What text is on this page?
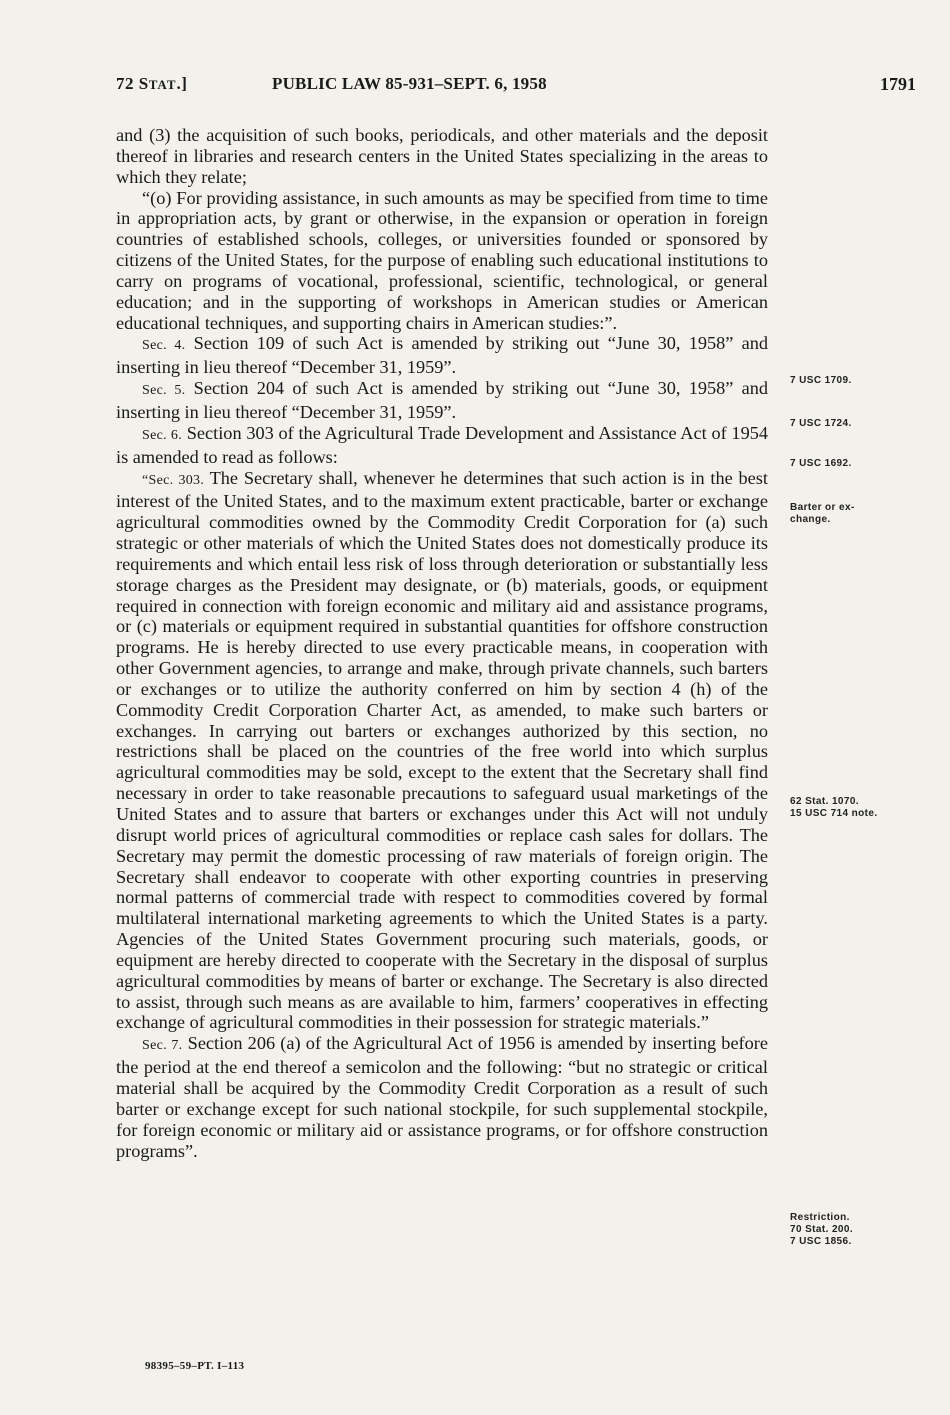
72 STAT.]	PUBLIC LAW 85-931–SEPT. 6, 1958	1791

and (3) the acquisition of such books, periodicals, and other materials and the deposit thereof in libraries and research centers in the United States specializing in the areas to which they relate;

“(o) For providing assistance, in such amounts as may be specified from time to time in appropriation acts, by grant or otherwise, in the expansion or operation in foreign countries of established schools, colleges, or universities founded or sponsored by citizens of the United States, for the purpose of enabling such educational institutions to carry on programs of vocational, professional, scientific, technological, or general education; and in the supporting of workshops in American studies or American educational techniques, and supporting chairs in American studies:”.

Sec. 4. Section 109 of such Act is amended by striking out “June 30, 1958” and inserting in lieu thereof “December 31, 1959”.

Sec. 5. Section 204 of such Act is amended by striking out “June 30, 1958” and inserting in lieu thereof “December 31, 1959”.

Sec. 6. Section 303 of the Agricultural Trade Development and Assistance Act of 1954 is amended to read as follows:

“Sec. 303. The Secretary shall, whenever he determines that such action is in the best interest of the United States, and to the maximum extent practicable, barter or exchange agricultural commodities owned by the Commodity Credit Corporation for (a) such strategic or other materials of which the United States does not domestically produce its requirements and which entail less risk of loss through deterioration or substantially less storage charges as the President may designate, or (b) materials, goods, or equipment required in connection with foreign economic and military aid and assistance programs, or (c) materials or equipment required in substantial quantities for offshore construction programs. He is hereby directed to use every practicable means, in cooperation with other Government agencies, to arrange and make, through private channels, such barters or exchanges or to utilize the authority conferred on him by section 4 (h) of the Commodity Credit Corporation Charter Act, as amended, to make such barters or exchanges. In carrying out barters or exchanges authorized by this section, no restrictions shall be placed on the countries of the free world into which surplus agricultural commodities may be sold, except to the extent that the Secretary shall find necessary in order to take reasonable precautions to safeguard usual marketings of the United States and to assure that barters or exchanges under this Act will not unduly disrupt world prices of agricultural commodities or replace cash sales for dollars. The Secretary may permit the domestic processing of raw materials of foreign origin. The Secretary shall endeavor to cooperate with other exporting countries in preserving normal patterns of commercial trade with respect to commodities covered by formal multilateral international marketing agreements to which the United States is a party. Agencies of the United States Government procuring such materials, goods, or equipment are hereby directed to cooperate with the Secretary in the disposal of surplus agricultural commodities by means of barter or exchange. The Secretary is also directed to assist, through such means as are available to him, farmers’ cooperatives in effecting exchange of agricultural commodities in their possession for strategic materials.”

Sec. 7. Section 206 (a) of the Agricultural Act of 1956 is amended by inserting before the period at the end thereof a semicolon and the following: “but no strategic or critical material shall be acquired by the Commodity Credit Corporation as a result of such barter or exchange except for such national stockpile, for such supplemental stockpile, for foreign economic or military aid or assistance programs, or for offshore construction programs”.

7 USC 1709.
7 USC 1724.
7 USC 1692.
Barter or ex-
change.
62 Stat. 1070.
15 USC 714 note.
Restriction.
70 Stat. 200.
7 USC 1856.
98395–59–PT. I–113
